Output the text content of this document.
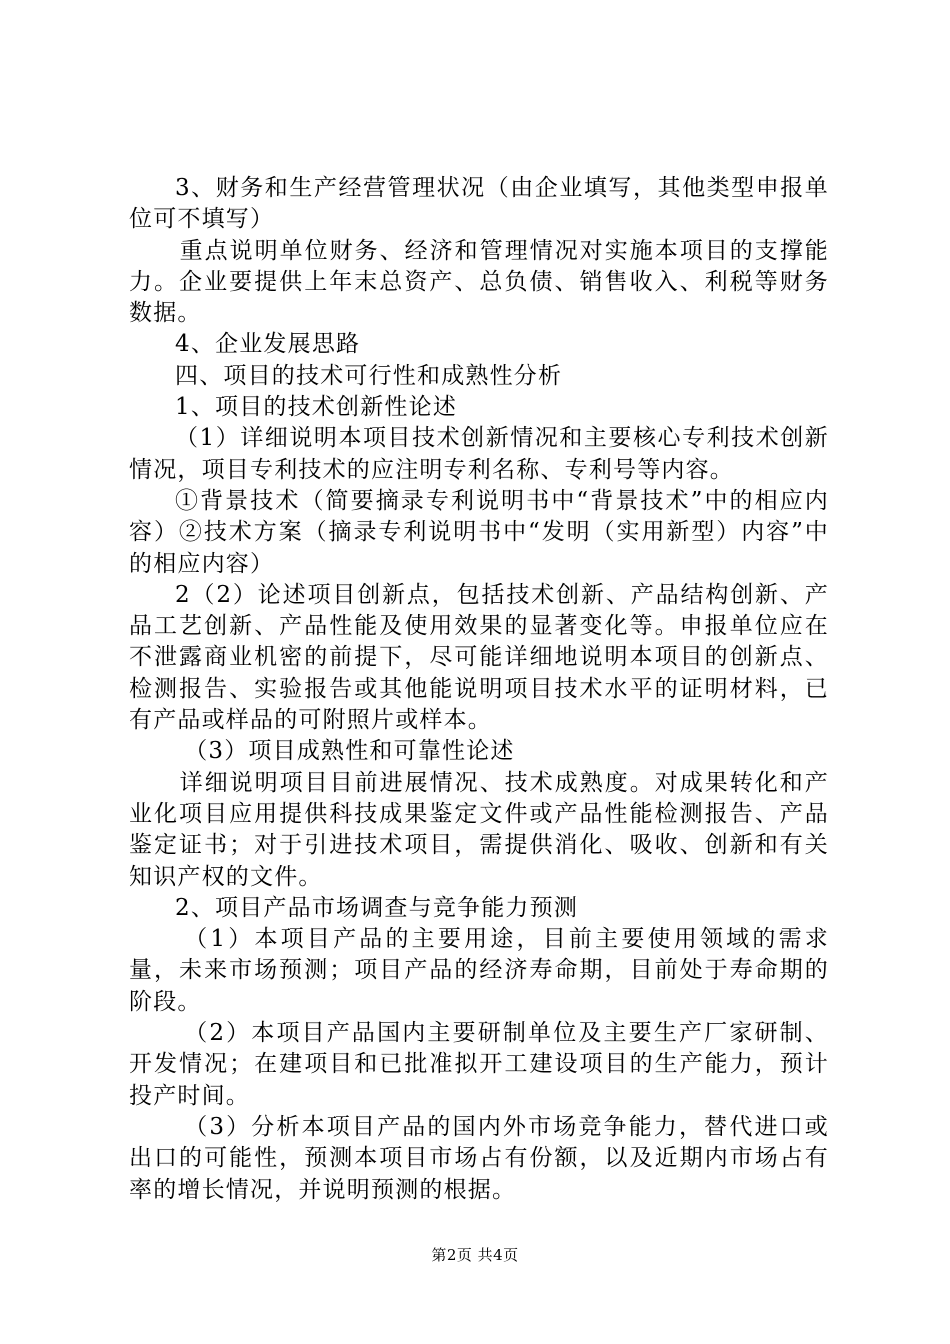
3、财务和生产经营管理状况（由企业填写，其他类型申报单位可不填写）

重点说明单位财务、经济和管理情况对实施本项目的支撑能力。企业要提供上年末总资产、总负债、销售收入、利税等财务数据。

4、企业发展思路

四、项目的技术可行性和成熟性分析

1、项目的技术创新性论述

（1）详细说明本项目技术创新情况和主要核心专利技术创新情况，项目专利技术的应注明专利名称、专利号等内容。

①背景技术（简要摘录专利说明书中“背景技术”中的相应内容）②技术方案（摘录专利说明书中“发明（实用新型）内容”中的相应内容）

2（2）论述项目创新点，包括技术创新、产品结构创新、产品工艺创新、产品性能及使用效果的显著变化等。申报单位应在不泄露商业机密的前提下，尽可能详细地说明本项目的创新点、检测报告、实验报告或其他能说明项目技术水平的证明材料，已有产品或样品的可附照片或样本。

（3）项目成熟性和可靠性论述

详细说明项目目前进展情况、技术成熟度。对成果转化和产业化项目应用提供科技成果鉴定文件或产品性能检测报告、产品鉴定证书；对于引进技术项目，需提供消化、吸收、创新和有关知识产权的文件。

2、项目产品市场调查与竞争能力预测

（1）本项目产品的主要用途，目前主要使用领域的需求量，未来市场预测；项目产品的经济寿命期，目前处于寿命期的阶段。

（2）本项目产品国内主要研制单位及主要生产厂家研制、开发情况；在建项目和已批准拟开工建设项目的生产能力，预计投产时间。

（3）分析本项目产品的国内外市场竞争能力，替代进口或出口的可能性，预测本项目市场占有份额，以及近期内市场占有率的增长情况，并说明预测的根据。

第2页 共4页
